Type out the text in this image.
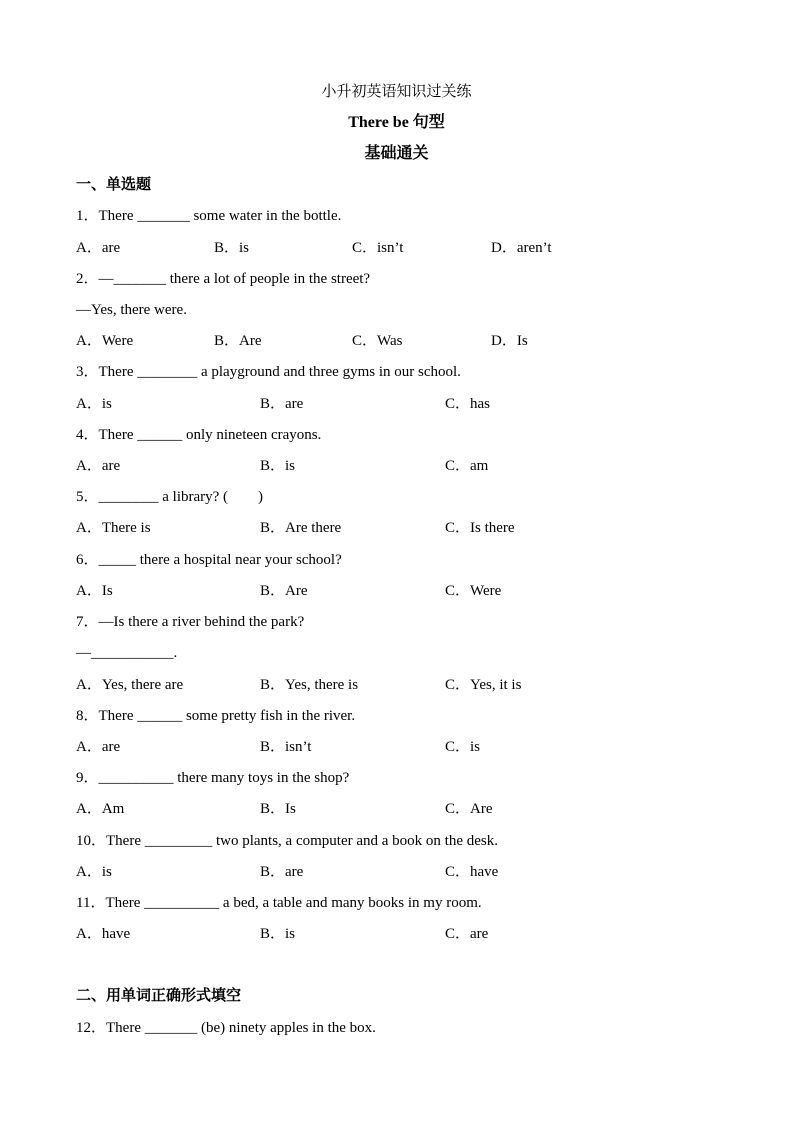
小升初英语知识过关练
There be 句型
基础通关
一、单选题
1．There _______ some water in the bottle.
A．are	B．is	C．isn’t	D．aren’t
2．—_______ there a lot of people in the street?
—Yes, there were.
A．Were	B．Are	C．Was	D．Is
3．There ________ a playground and three gyms in our school.
A．is	B．are	C．has
4．There ______ only nineteen crayons.
A．are	B．is	C．am
5．________ a library? (        )
A．There is	B．Are there	C．Is there
6．_____ there a hospital near your school?
A．Is	B．Are	C．Were
7．—Is there a river behind the park?
—___________.
A．Yes, there are	B．Yes, there is	C．Yes, it is
8．There ______ some pretty fish in the river.
A．are	B．isn’t	C．is
9．__________ there many toys in the shop?
A．Am	B．Is	C．Are
10．There _________ two plants, a computer and a book on the desk.
A．is	B．are	C．have
11．There __________ a bed, a table and many books in my room.
A．have	B．is	C．are
二、用单词正确形式填空
12．There _______ (be) ninety apples in the box.
